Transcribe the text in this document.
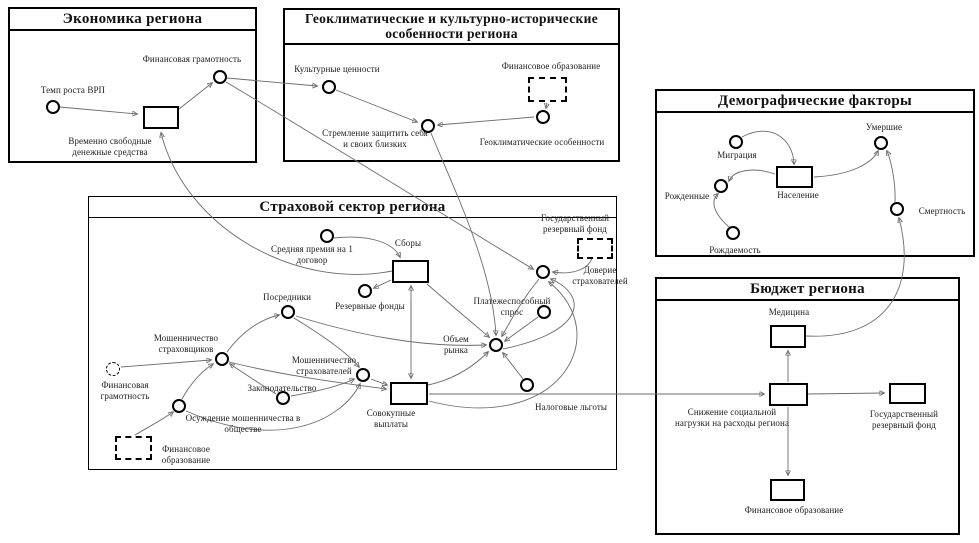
Экономика региона
Темп роста ВРП
Финансовая грамотность
Временно свободные денежные средства
Геоклиматические и культурно-исторические особенности региона
Культурные ценности	Финансовое образование
Геоклиматические особенности
Стремление защитить себя и своих близких
Демографические факторы
Миграция
Умершие
Население
Рожденные
Смертность
Рождаемость
Страховой сектор региона
Средняя премия на 1 договор
Сборы
Резервные фонды
Государственный резервный фонд
Доверие страхователей
Платежеспособный спрос
Объем рынка
Налоговые льготы
Совокупные выплаты
Посредники
Мошенничество страховщиков
Финансовая грамотность
Мошенничество страхователей
Законодательство
Осуждение мошенничества в обществе
Финансовое образование
Бюджет региона
Медицина
Снижение социальной нагрузки на расходы региона
Государственный резервный фонд
Финансовое образование
